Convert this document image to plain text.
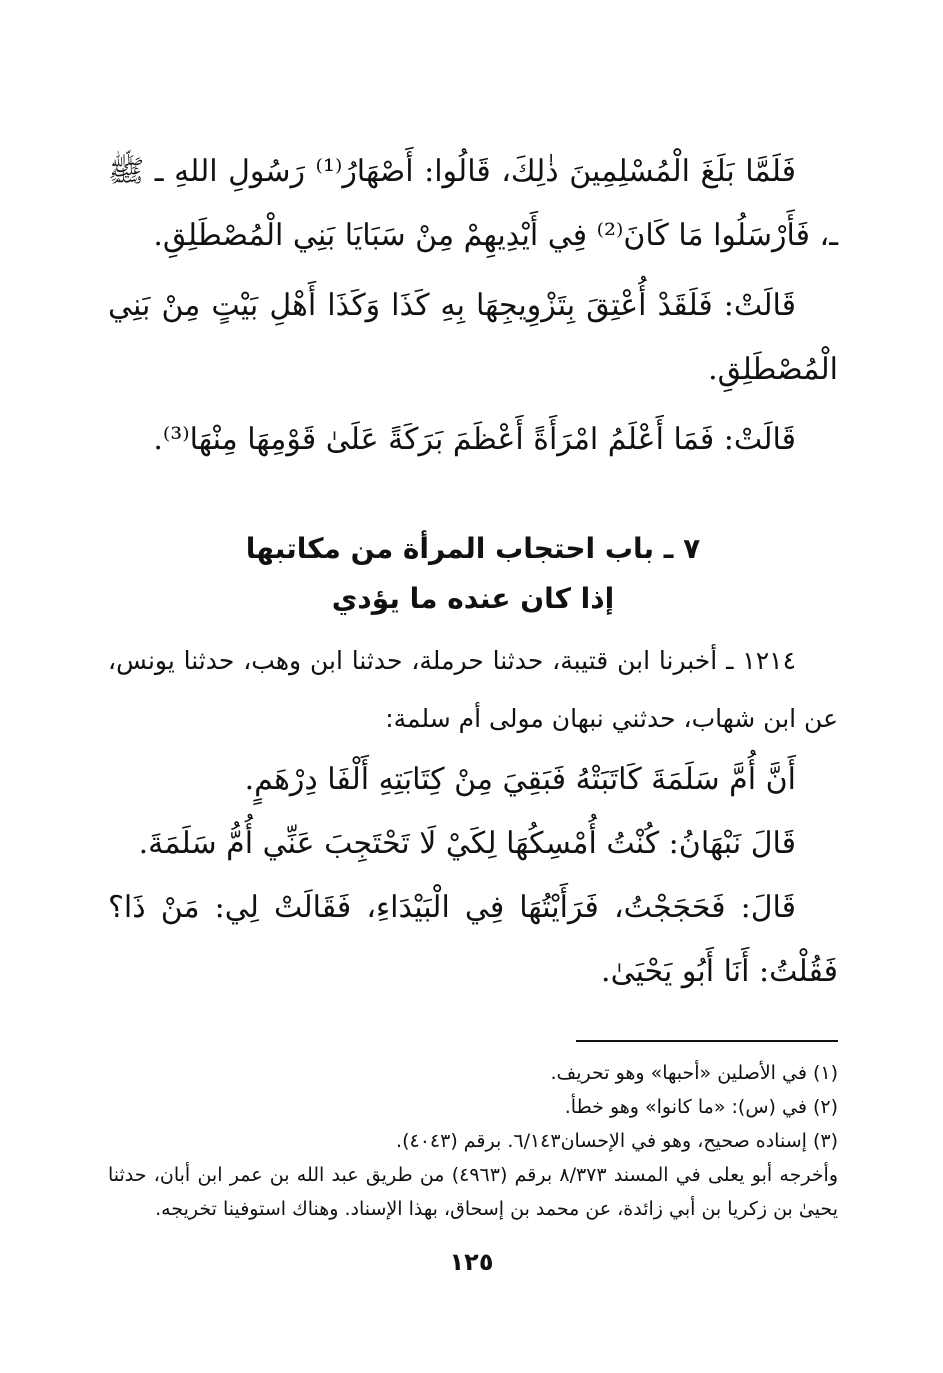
فَلَمَّا بَلَغَ الْمُسْلِمِينَ ذٰلِكَ، قَالُوا: أَصْهَارُ⁽¹⁾ رَسُولِ اللهِ ـ ﷺ ـ، فَأَرْسَلُوا مَا كَانَ⁽²⁾ فِي أَيْدِيهِمْ مِنْ سَبَايَا بَنِي الْمُصْطَلِقِ.

قَالَتْ: فَلَقَدْ أُعْتِقَ بِتَزْوِيجِهَا بِهِ كَذَا وَكَذَا أَهْلِ بَيْتٍ مِنْ بَنِي الْمُصْطَلِقِ.

قَالَتْ: فَمَا أَعْلَمُ امْرَأَةً أَعْظَمَ بَرَكَةً عَلَىٰ قَوْمِهَا مِنْهَا⁽³⁾.

٧ ـ باب احتجاب المرأة من مكاتبها

إذا كان عنده ما يؤدي

١٢١٤ ـ أخبرنا ابن قتيبة، حدثنا حرملة، حدثنا ابن وهب، حدثنا يونس، عن ابن شهاب، حدثني نبهان مولى أم سلمة:

أَنَّ أُمَّ سَلَمَةَ كَاتَبَتْهُ فَبَقِيَ مِنْ كِتَابَتِهِ أَلْفَا دِرْهَمٍ.

قَالَ نَبْهَانُ: كُنْتُ أُمْسِكُهَا لِكَيْ لَا تَحْتَجِبَ عَنِّي أُمُّ سَلَمَةَ.

قَالَ: فَحَجَجْتُ، فَرَأَيْتُهَا فِي الْبَيْدَاءِ، فَقَالَتْ لِي: مَنْ ذَا؟ فَقُلْتُ: أَنَا أَبُو يَحْيَىٰ.

(١) في الأصلين «أحبها» وهو تحريف.

(٢) في (س): «ما كانوا» وهو خطأ.

(٣) إسناده صحيح، وهو في الإحسان٦/١٤٣. برقم (٤٠٤٣).

وأخرجه أبو يعلى في المسند ٨/٣٧٣ برقم (٤٩٦٣) من طريق عبد الله بن عمر ابن أبان، حدثنا يحيىٰ بن زكريا بن أبي زائدة، عن محمد بن إسحاق، بهذا الإسناد. وهناك استوفينا تخريجه.

١٢٥
